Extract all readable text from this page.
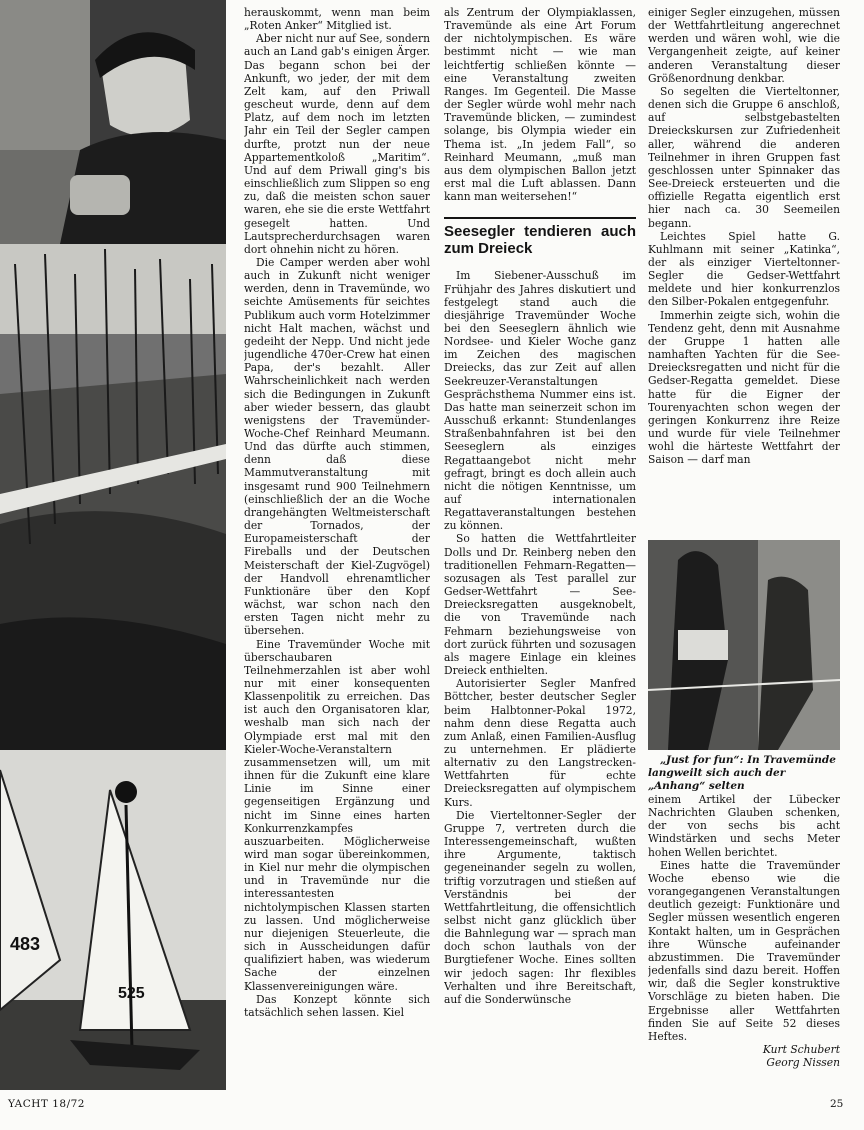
483
525

herauskommt, wenn man beim „Roten Anker“ Mitglied ist.

Aber nicht nur auf See, sondern auch an Land gab's einigen Ärger. Das begann schon bei der Ankunft, wo jeder, der mit dem Zelt kam, auf den Priwall gescheut wurde, denn auf dem Platz, auf dem noch im letzten Jahr ein Teil der Segler campen durfte, protzt nun der neue Appartementkoloß „Maritim“. Und auf dem Priwall ging's bis einschließlich zum Slippen so eng zu, daß die meisten schon sauer waren, ehe sie die erste Wettfahrt gesegelt hatten. Und Lautsprecherdurchsagen waren dort ohnehin nicht zu hören.

Die Camper werden aber wohl auch in Zukunft nicht weniger werden, denn in Travemünde, wo seichte Amüsements für seichtes Publikum auch vorm Hotelzimmer nicht Halt machen, wächst und gedeiht der Nepp. Und nicht jede jugendliche 470er-Crew hat einen Papa, der's bezahlt. Aller Wahrscheinlichkeit nach werden sich die Bedingungen in Zukunft aber wieder bessern, das glaubt wenigstens der Travemünder-Woche-Chef Reinhard Meumann. Und das dürfte auch stimmen, denn daß diese Mammutveranstaltung mit insgesamt rund 900 Teilnehmern (einschließlich der an die Woche drangehängten Weltmeisterschaft der Tornados, der Europameisterschaft der Fireballs und der Deutschen Meisterschaft der Kiel-Zugvögel) der Handvoll ehrenamtlicher Funktionäre über den Kopf wächst, war schon nach den ersten Tagen nicht mehr zu übersehen.

Eine Travemünder Woche mit überschaubaren Teilnehmerzahlen ist aber wohl nur mit einer konsequenten Klassenpolitik zu erreichen. Das ist auch den Organisatoren klar, weshalb man sich nach der Olympiade erst mal mit den Kieler-Woche-Veranstaltern zusammensetzen will, um mit ihnen für die Zukunft eine klare Linie im Sinne einer gegenseitigen Ergänzung und nicht im Sinne eines harten Konkurrenzkampfes auszuarbeiten. Möglicherweise wird man sogar übereinkommen, in Kiel nur mehr die olympischen und in Travemünde nur die interessantesten nichtolympischen Klassen starten zu lassen. Und möglicherweise nur diejenigen Steuerleute, die sich in Ausscheidungen dafür qualifiziert haben, was wiederum Sache der einzelnen Klassenvereinigungen wäre.

Das Konzept könnte sich tatsächlich sehen lassen. Kiel

als Zentrum der Olympiaklassen, Travemünde als eine Art Forum der nichtolympischen. Es wäre bestimmt nicht — wie man leichtfertig schließen könnte — eine Veranstaltung zweiten Ranges. Im Gegenteil. Die Masse der Segler würde wohl mehr nach Travemünde blicken, — zumindest solange, bis Olympia wieder ein Thema ist. „In jedem Fall“, so Reinhard Meumann, „muß man aus dem olympischen Ballon jetzt erst mal die Luft ablassen. Dann kann man weitersehen!“

Seesegler tendieren auch zum Dreieck

Im Siebener-Ausschuß im Frühjahr des Jahres diskutiert und festgelegt stand auch die diesjährige Travemünder Woche bei den Seeseglern ähnlich wie Nordsee- und Kieler Woche ganz im Zeichen des magischen Dreiecks, das zur Zeit auf allen Seekreuzer-Veranstaltungen Gesprächsthema Nummer eins ist. Das hatte man seinerzeit schon im Ausschuß erkannt: Stundenlanges Straßenbahnfahren ist bei den Seeseglern als einziges Regattaangebot nicht mehr gefragt, bringt es doch allein auch nicht die nötigen Kenntnisse, um auf internationalen Regattaveranstaltungen bestehen zu können.

So hatten die Wettfahrtleiter Dolls und Dr. Reinberg neben den traditionellen Fehmarn-Regatten—sozusagen als Test parallel zur Gedser-Wettfahrt — See-Dreiecksregatten ausgeknobelt, die von Travemünde nach Fehmarn beziehungsweise von dort zurück führten und sozusagen als magere Einlage ein kleines Dreieck enthielten.

Autorisierter Segler Manfred Böttcher, bester deutscher Segler beim Halbtonner-Pokal 1972, nahm denn diese Regatta auch zum Anlaß, einen Familien-Ausflug zu unternehmen. Er plädierte alternativ zu den Langstrecken-Wettfahrten für echte Dreiecksregatten auf olympischem Kurs.

Die Vierteltonner-Segler der Gruppe 7, vertreten durch die Interessengemeinschaft, wußten ihre Argumente, taktisch gegeneinander segeln zu wollen, triftig vorzutragen und stießen auf Verständnis bei der Wettfahrtleitung, die offensichtlich selbst nicht ganz glücklich über die Bahnlegung war — sprach man doch schon lauthals von der Burgtiefener Woche. Eines sollten wir jedoch sagen: Ihr flexibles Verhalten und ihre Bereitschaft, auf die Sonderwünsche

einiger Segler einzugehen, müssen der Wettfahrtleitung angerechnet werden und wären wohl, wie die Vergangenheit zeigte, auf keiner anderen Veranstaltung dieser Größenordnung denkbar.

So segelten die Vierteltonner, denen sich die Gruppe 6 anschloß, auf selbstgebastelten Dreieckskursen zur Zufriedenheit aller, während die anderen Teilnehmer in ihren Gruppen fast geschlossen unter Spinnaker das See-Dreieck ersteuerten und die offizielle Regatta eigentlich erst hier nach ca. 30 Seemeilen begann.

Leichtes Spiel hatte G. Kuhlmann mit seiner „Katinka“, der als einziger Vierteltonner-Segler die Gedser-Wettfahrt meldete und hier konkurrenzlos den Silber-Pokalen entgegenfuhr.

Immerhin zeigte sich, wohin die Tendenz geht, denn mit Ausnahme der Gruppe 1 hatten alle namhaften Yachten für die See-Dreiecksregatten und nicht für die Gedser-Regatta gemeldet. Diese hatte für die Eigner der Tourenyachten schon wegen der geringen Konkurrenz ihre Reize und wurde für viele Teilnehmer wohl die härteste Wettfahrt der Saison — darf man

„Just for fun“: In Travemünde langweilt sich auch der „Anhang“ selten

einem Artikel der Lübecker Nachrichten Glauben schenken, der von sechs bis acht Windstärken und sechs Meter hohen Wellen berichtet.

Eines hatte die Travemünder Woche ebenso wie die vorangegangenen Veranstaltungen deutlich gezeigt: Funktionäre und Segler müssen wesentlich engeren Kontakt halten, um in Gesprächen ihre Wünsche aufeinander abzustimmen. Die Travemünder jedenfalls sind dazu bereit. Hoffen wir, daß die Segler konstruktive Vorschläge zu bieten haben. Die Ergebnisse aller Wettfahrten finden Sie auf Seite 52 dieses Heftes.

Kurt Schubert

Georg Nissen

YACHT 18/72	25
